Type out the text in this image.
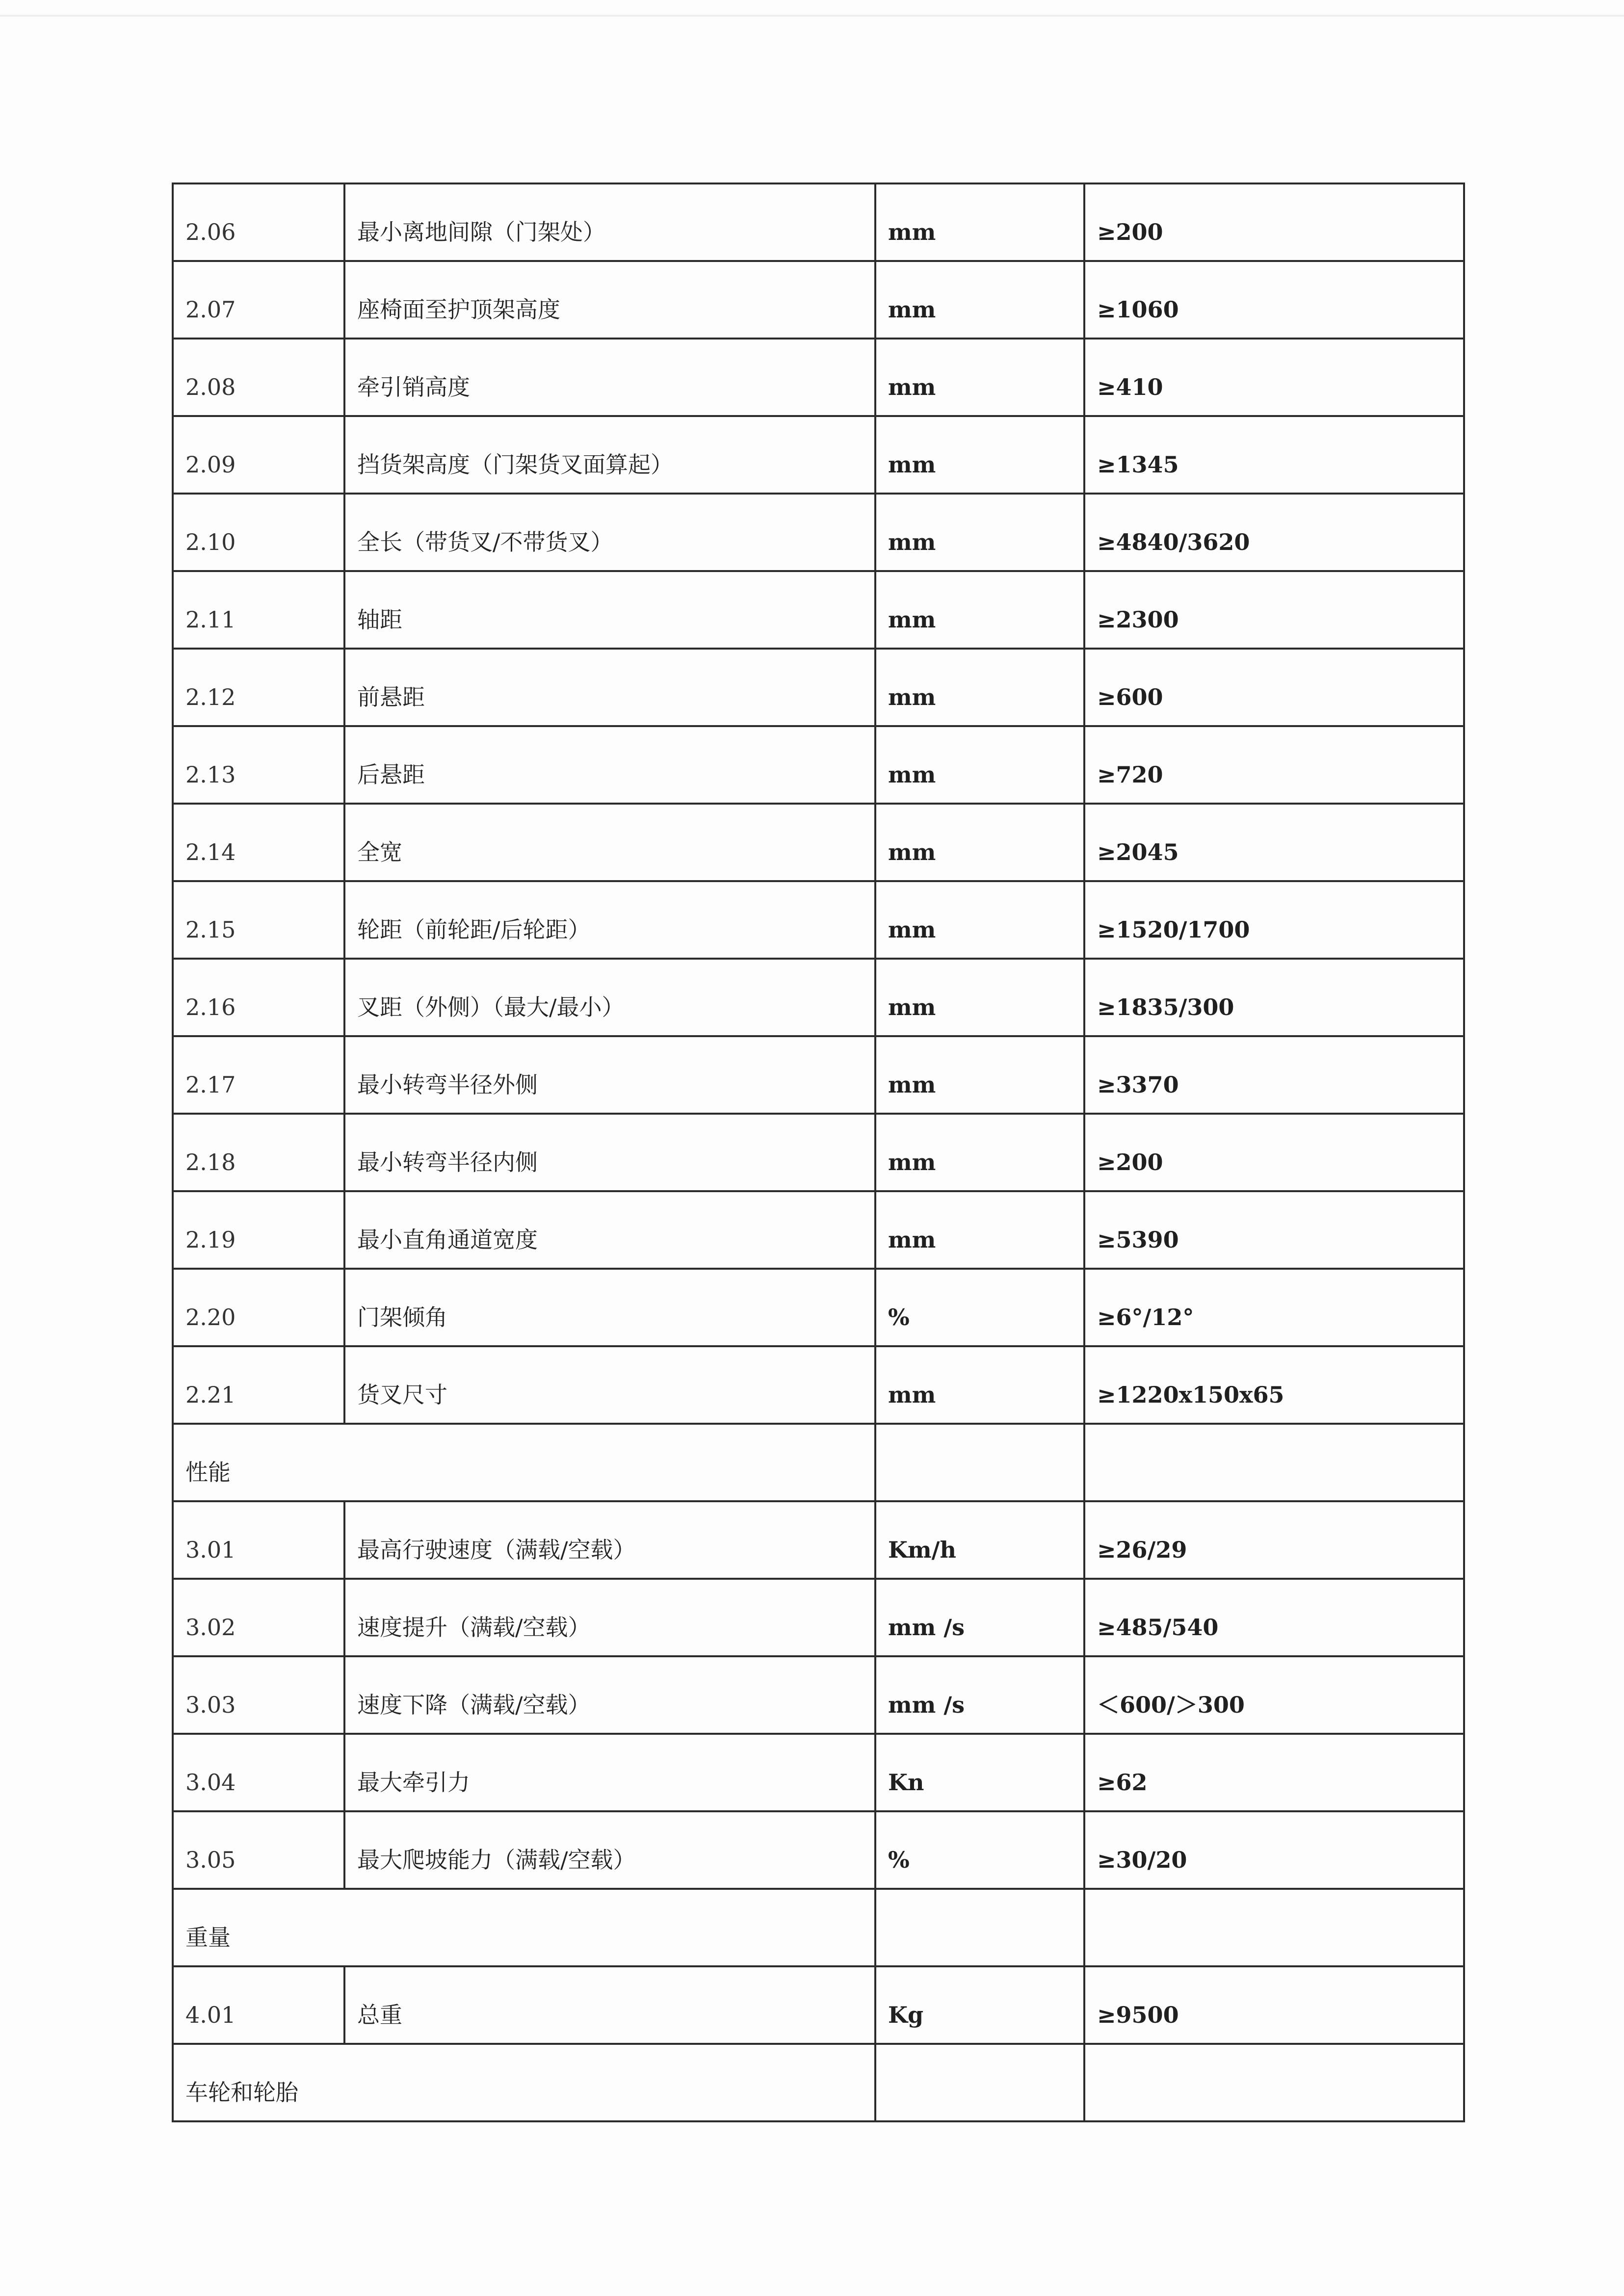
2.06	最小离地间隙（门架处）	mm	≥200
2.07	座椅面至护顶架高度	mm	≥1060
2.08	牵引销高度	mm	≥410
2.09	挡货架高度（门架货叉面算起）	mm	≥1345
2.10	全长（带货叉/不带货叉）	mm	≥4840/3620
2.11	轴距	mm	≥2300
2.12	前悬距	mm	≥600
2.13	后悬距	mm	≥720
2.14	全宽	mm	≥2045
2.15	轮距（前轮距/后轮距）	mm	≥1520/1700
2.16	叉距（外侧）（最大/最小）	mm	≥1835/300
2.17	最小转弯半径外侧	mm	≥3370
2.18	最小转弯半径内侧	mm	≥200
2.19	最小直角通道宽度	mm	≥5390
2.20	门架倾角	%	≥6°/12°
2.21	货叉尺寸	mm	≥1220x150x65
性能			
3.01	最高行驶速度（满载/空载）	Km/h	≥26/29
3.02	速度提升（满载/空载）	mm /s	≥485/540
3.03	速度下降（满载/空载）	mm /s	＜600/＞300
3.04	最大牵引力	Kn	≥62
3.05	最大爬坡能力（满载/空载）	%	≥30/20
重量			
4.01	总重	Kg	≥9500
车轮和轮胎			
